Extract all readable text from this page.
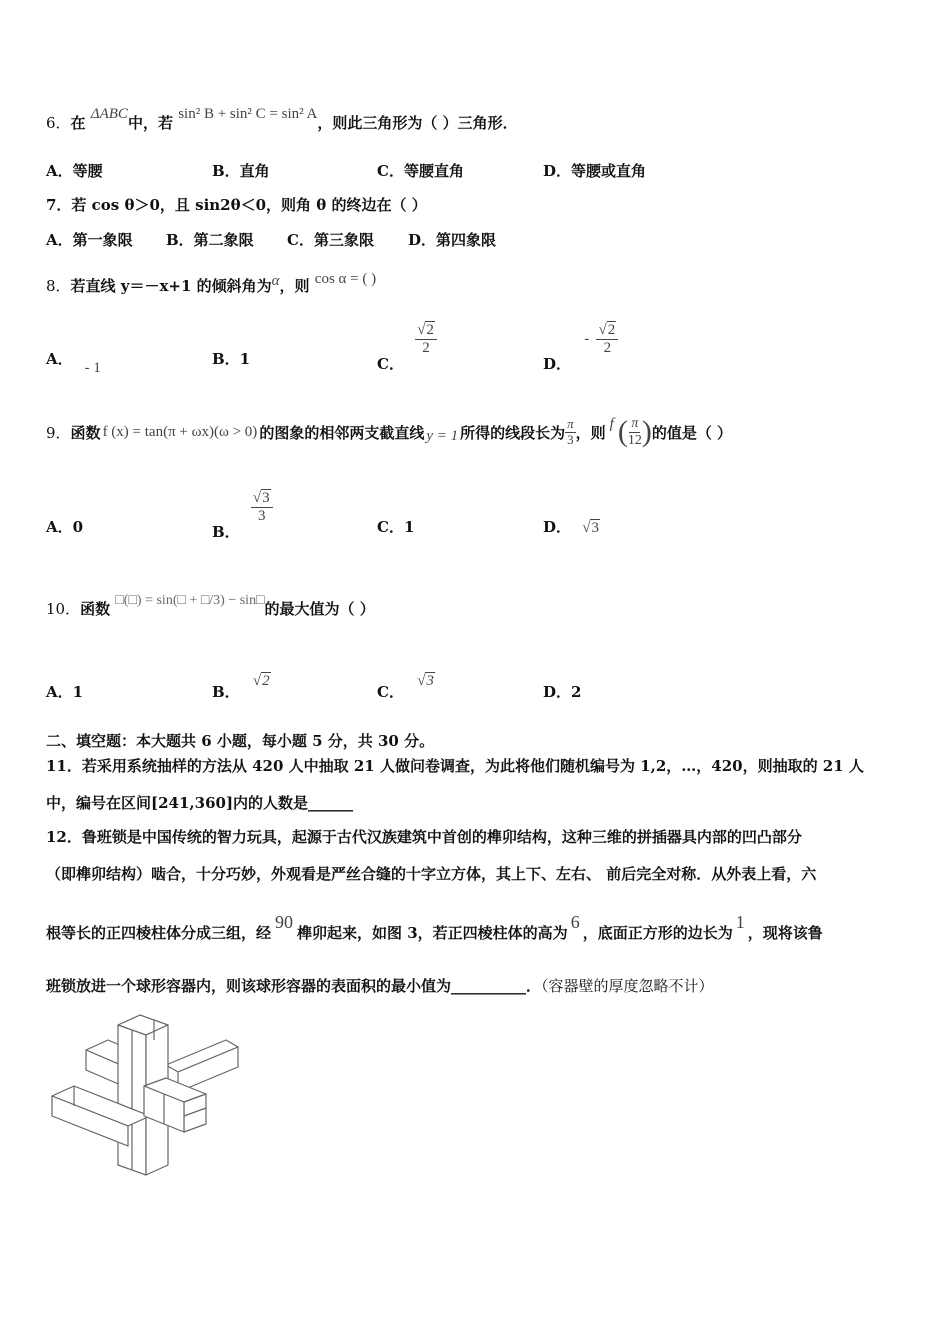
6．在 ΔABC中，若 sin² B + sin² C = sin² A，则此三角形为（ ）三角形．
A．等腰	B．直角	C．等腰直角	D．等腰或直角
7．若 cos θ＞0，且 sin2θ＜0，则角 θ 的终边在（ ）
A．第一象限 B．第二象限 C．第三象限 D．第四象限
8．若直线 y＝－x+1 的倾斜角为α，则 cos α = ( )
A． - 1	B．1	C．
$\frac{√2}{2}$
D． - $\frac{√2}{2}$
9． 函数 f (x) = tan(π + ωx)(ω > 0) 的图象的相邻两支截直线 y = 1 所得的线段长为 $\frac{\pi}{3}$ ，则 f ( $\frac{\pi}{12}$ ) 的值是（ ）
A．0	B．
$\frac{√3}{3}$
C．1	D． √3
10．函数 □(□) = sin(□ + □/3) − sin□的最大值为（ ）
A．1	B． √2
C． √3
D．2
二、填空题：本大题共 6 小题，每小题 5 分，共 30 分。
11．若采用系统抽样的方法从 420 人中抽取 21 人做问卷调查，为此将他们随机编号为 1,2，…，420，则抽取的 21 人
中，编号在区间[241,360]内的人数是______
12．鲁班锁是中国传统的智力玩具，起源于古代汉族建筑中首创的榫卯结构，这种三维的拼插器具内部的凹凸部分
（即榫卯结构）啮合，十分巧妙，外观看是严丝合缝的十字立方体，其上下、左右、 前后完全对称．从外表上看，六
根等长的正四棱柱体分成三组，经90榫卯起来，如图 3，若正四棱柱体的高为6，底面正方形的边长为1，现将该鲁
班锁放进一个球形容器内，则该球形容器的表面积的最小值为__________．（容器壁的厚度忽略不计）
